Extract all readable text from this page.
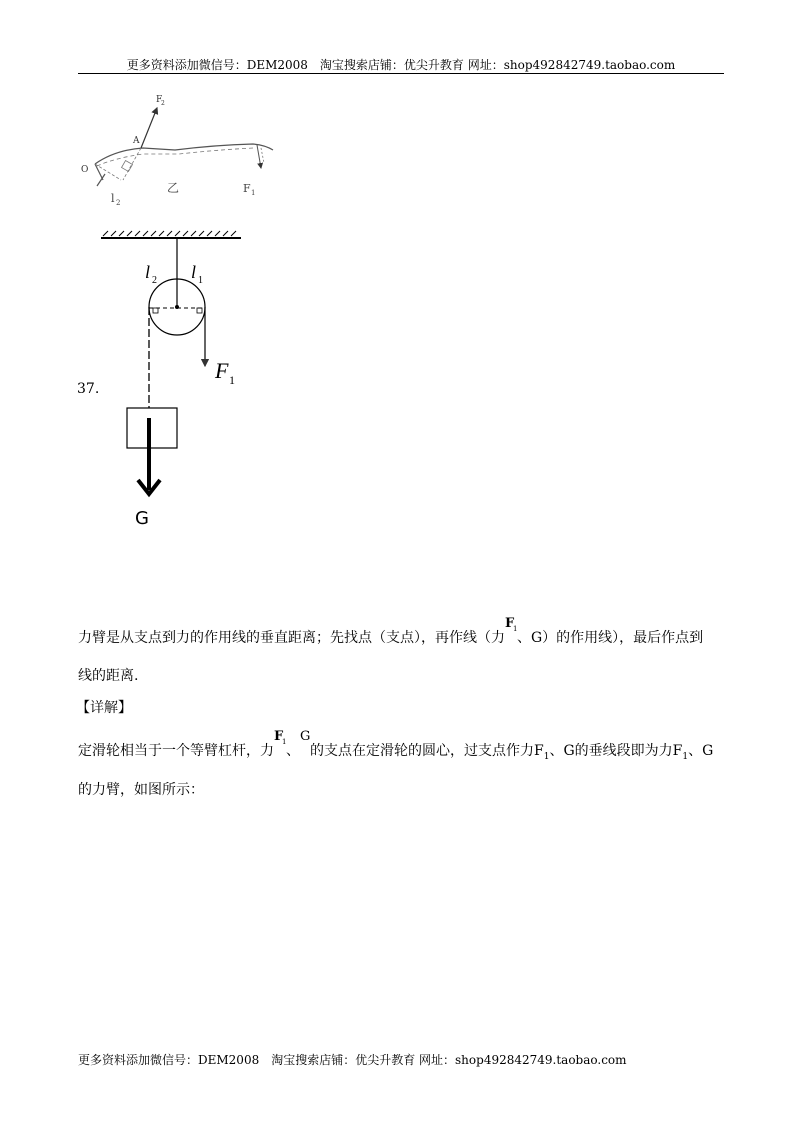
更多资料添加微信号：DEM2008　淘宝搜索店铺：优尖升教育 网址：shop492842749.taobao.com
F
2
A
O
l 2
乙	F 1
l 2 l 1
F 1
G
37.
力臂是从支点到力的作用线的垂直距离；先找点（支点），再作线（力
F
1
、G）的作用线），最后作点到
线的距离.
【详解】
定滑轮相当于一个等臂杠杆，力
F
1
、
G
的支点在定滑轮的圆心，过支点作力$F_1$、G的垂线段即为力$F_1$、G
的力臂，如图所示：
更多资料添加微信号：DEM2008　淘宝搜索店铺：优尖升教育 网址：shop492842749.taobao.com
